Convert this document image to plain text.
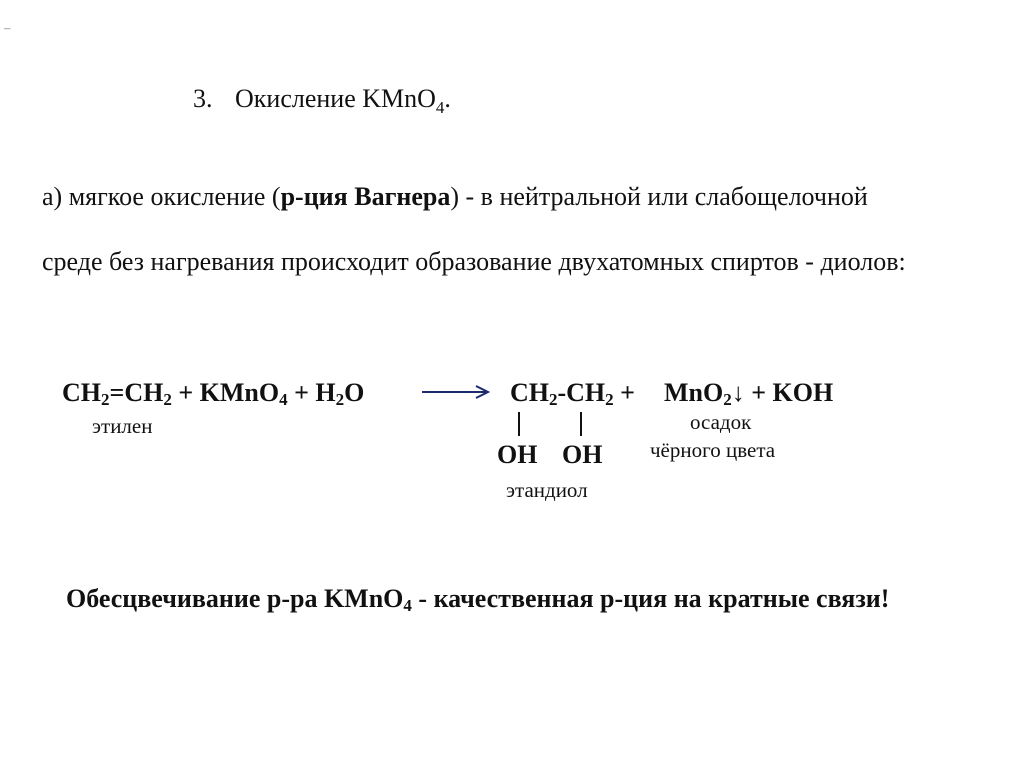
–
3. Окисление KMnO$_4$.
а) мягкое окисление (р-ция Вагнера) - в нейтральной или слабощелочной
среде без нагревания происходит образование двухатомных спиртов - диолов:
$CH_2=CH_2$ + KMnO$_4$ + $H_2O$	$CH_2-CH_2$ + MnO$_2$↓ + KOH
этилен	осадок
чёрного цвета
OH OH
этандиол
Обесцвечивание р-ра KMnO$_4$ - качественная р-ция на кратные связи!
